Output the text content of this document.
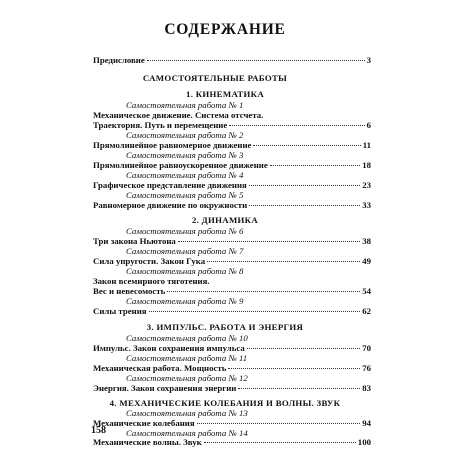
СОДЕРЖАНИЕ
Предисловие	3
САМОСТОЯТЕЛЬНЫЕ РАБОТЫ
1. КИНЕМАТИКА
Самостоятельная работа № 1
Механическое движение. Система отсчета.
Траектория. Путь и перемещение	6
Самостоятельная работа № 2
Прямолинейное равномерное движение	11
Самостоятельная работа № 3
Прямолинейное равноускоренное движение	18
Самостоятельная работа № 4
Графическое представление движения	23
Самостоятельная работа № 5
Равномерное движение по окружности	33
2. ДИНАМИКА
Самостоятельная работа № 6
Три закона Ньютона	38
Самостоятельная работа № 7
Сила упругости. Закон Гука	49
Самостоятельная работа № 8
Закон всемирного тяготения.
Вес и невесомость	54
Самостоятельная работа № 9
Силы трения	62
3. ИМПУЛЬС. РАБОТА И ЭНЕРГИЯ
Самостоятельная работа № 10
Импульс. Закон сохранения импульса	70
Самостоятельная работа № 11
Механическая работа. Мощность	76
Самостоятельная работа № 12
Энергия. Закон сохранения энергии	83
4. МЕХАНИЧЕСКИЕ КОЛЕБАНИЯ И ВОЛНЫ. ЗВУК
Самостоятельная работа № 13
Механические колебания	94
Самостоятельная работа № 14
Механические волны. Звук	100
158
